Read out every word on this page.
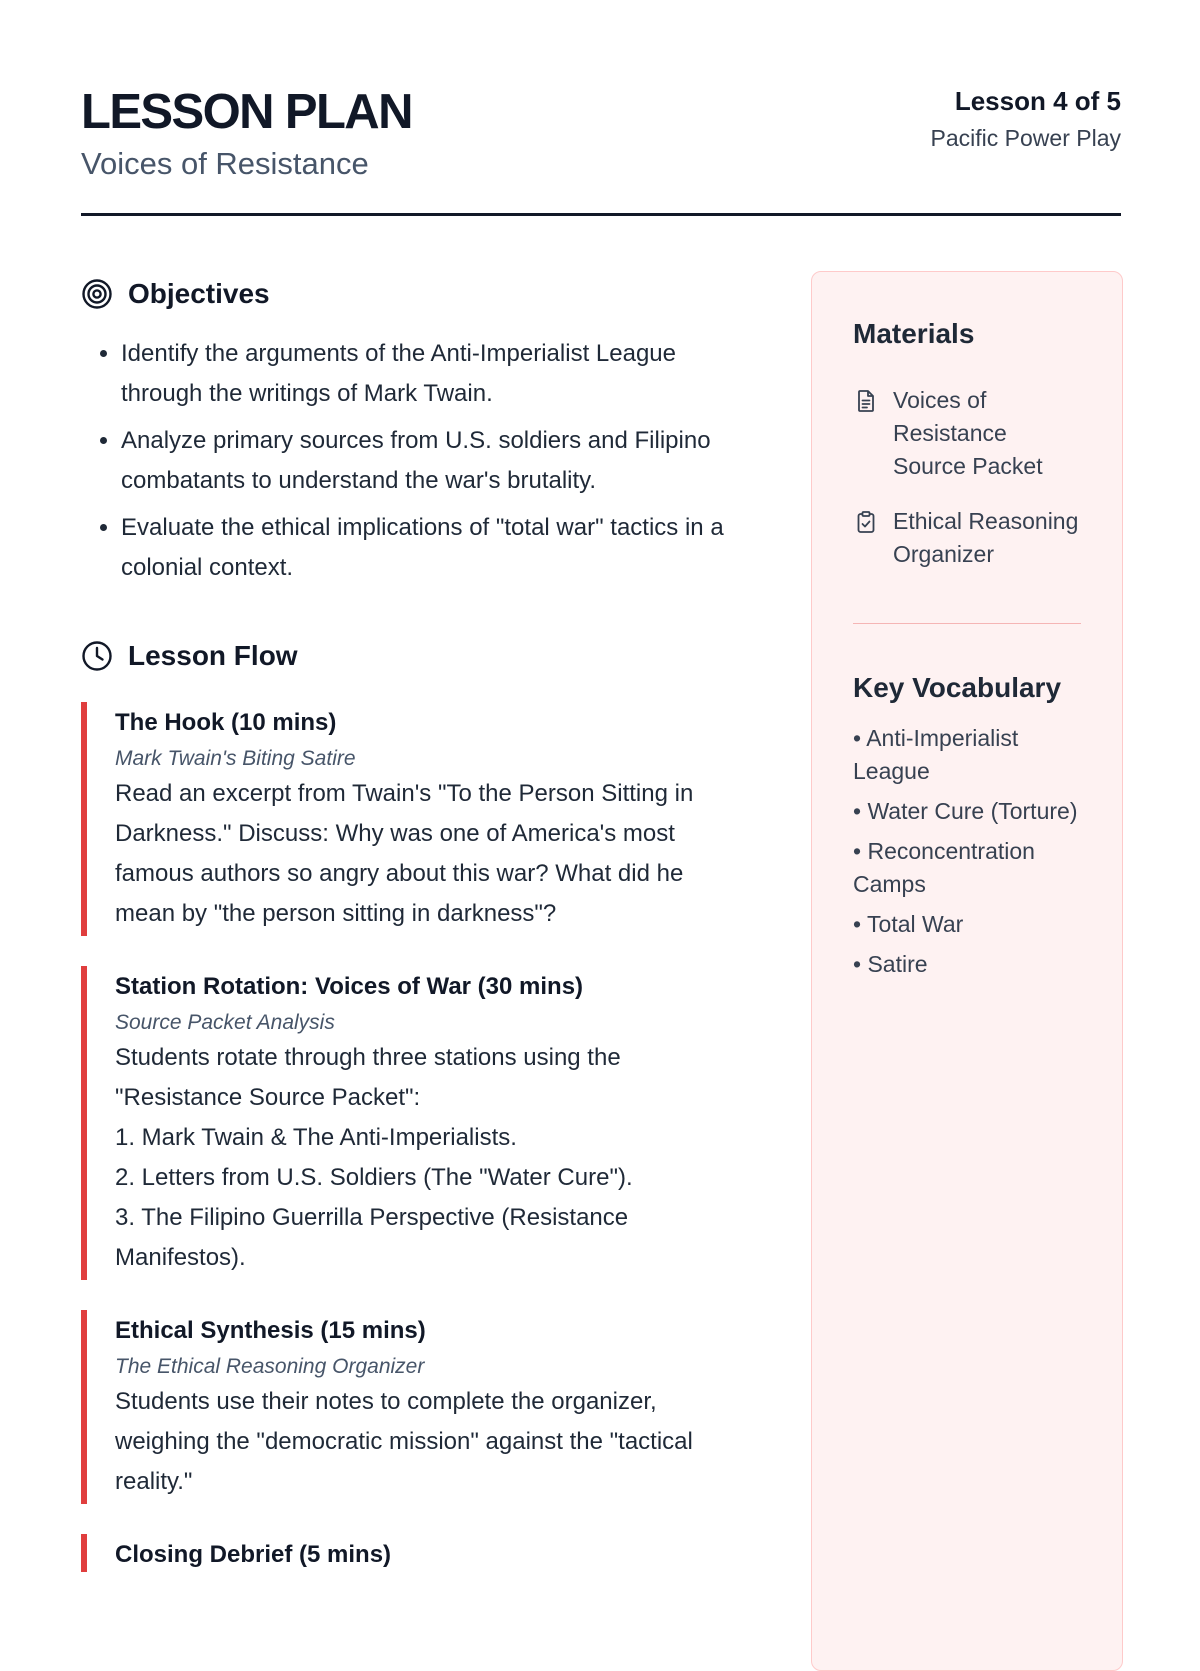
LESSON PLAN
Voices of Resistance
Lesson 4 of 5
Pacific Power Play
Objectives
• Identify the arguments of the Anti-Imperialist League through the writings of Mark Twain.
• Analyze primary sources from U.S. soldiers and Filipino combatants to understand the war's brutality.
• Evaluate the ethical implications of "total war" tactics in a colonial context.
Lesson Flow
The Hook (10 mins)
Mark Twain's Biting Satire
Read an excerpt from Twain's "To the Person Sitting in Darkness." Discuss: Why was one of America's most famous authors so angry about this war? What did he mean by "the person sitting in darkness"?
Station Rotation: Voices of War (30 mins)
Source Packet Analysis
Students rotate through three stations using the "Resistance Source Packet":
1. Mark Twain & The Anti-Imperialists.
2. Letters from U.S. Soldiers (The "Water Cure").
3. The Filipino Guerrilla Perspective (Resistance Manifestos).
Ethical Synthesis (15 mins)
The Ethical Reasoning Organizer
Students use their notes to complete the organizer, weighing the "democratic mission" against the "tactical reality."
Closing Debrief (5 mins)
Materials
Voices of Resistance Source Packet
Ethical Reasoning Organizer
Key Vocabulary
• Anti-Imperialist League
• Water Cure (Torture)
• Reconcentration Camps
• Total War
• Satire
